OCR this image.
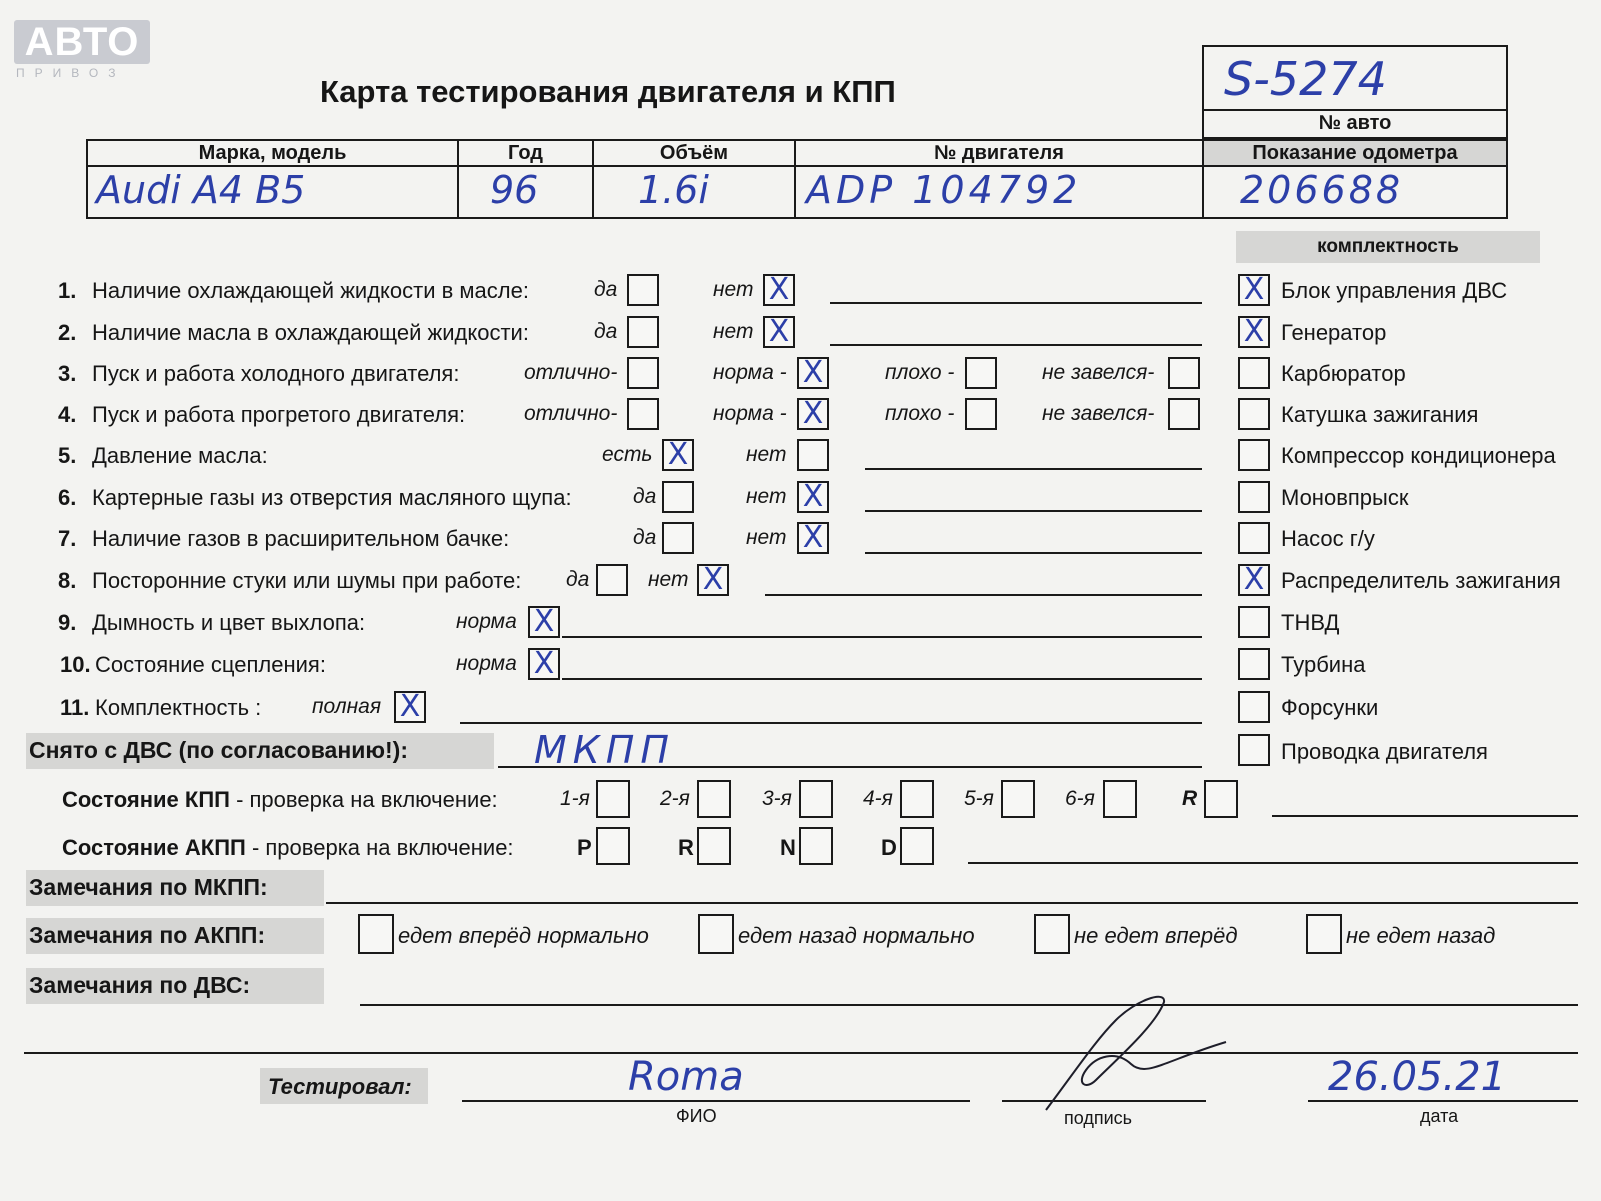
АВТО
ПРИВОЗ
Карта тестирования двигателя и КПП	S-5274
№ авто
Марка, модель	Год	Объём	№ двигателя	Показание одометра
Audi A4 B5	96	1.6i	ADP 104792	206688
комплектность
1. Наличие охлаждающей жидкости в масле:	да	нет X
2. Наличие масла в охлаждающей жидкости:	да	нет X
3. Пуск и работа холодного двигателя:	отлично-	норма - X	плохо -	не завелся-
4. Пуск и работа прогретого двигателя:	отлично-	норма - X	плохо -	не завелся-
5. Давление масла:	есть X	нет
6. Картерные газы из отверстия масляного щупа:	да	нет X
7. Наличие газов в расширительном бачке:	да	нет X
8. Посторонние стуки или шумы при работе: да	нет X
9. Дымность и цвет выхлопа:	норма X
10. Состояние сцепления:	норма X
11. Комплектность : полная X
X Блок управления ДВС
X Генератор
Карбюратор
Катушка зажигания
Компрессор кондиционера
Моновпрыск
Насос г/у
X Распределитель зажигания
ТНВД
Турбина
Форсунки
Проводка двигателя
Снято с ДВС (по согласованию!):	МКПП
Состояние КПП - проверка на включение:	1-я	2-я	3-я	4-я	5-я	6-я	R
Состояние АКПП - проверка на включение:	P	R	N	D
Замечания по МКПП:
Замечания по АКПП:	едет вперёд нормально	едет назад нормально	не едет вперёд	не едет назад
Замечания по ДВС:
Тестировал:	Roma
ФИО	подпись
26.05.21
дата
